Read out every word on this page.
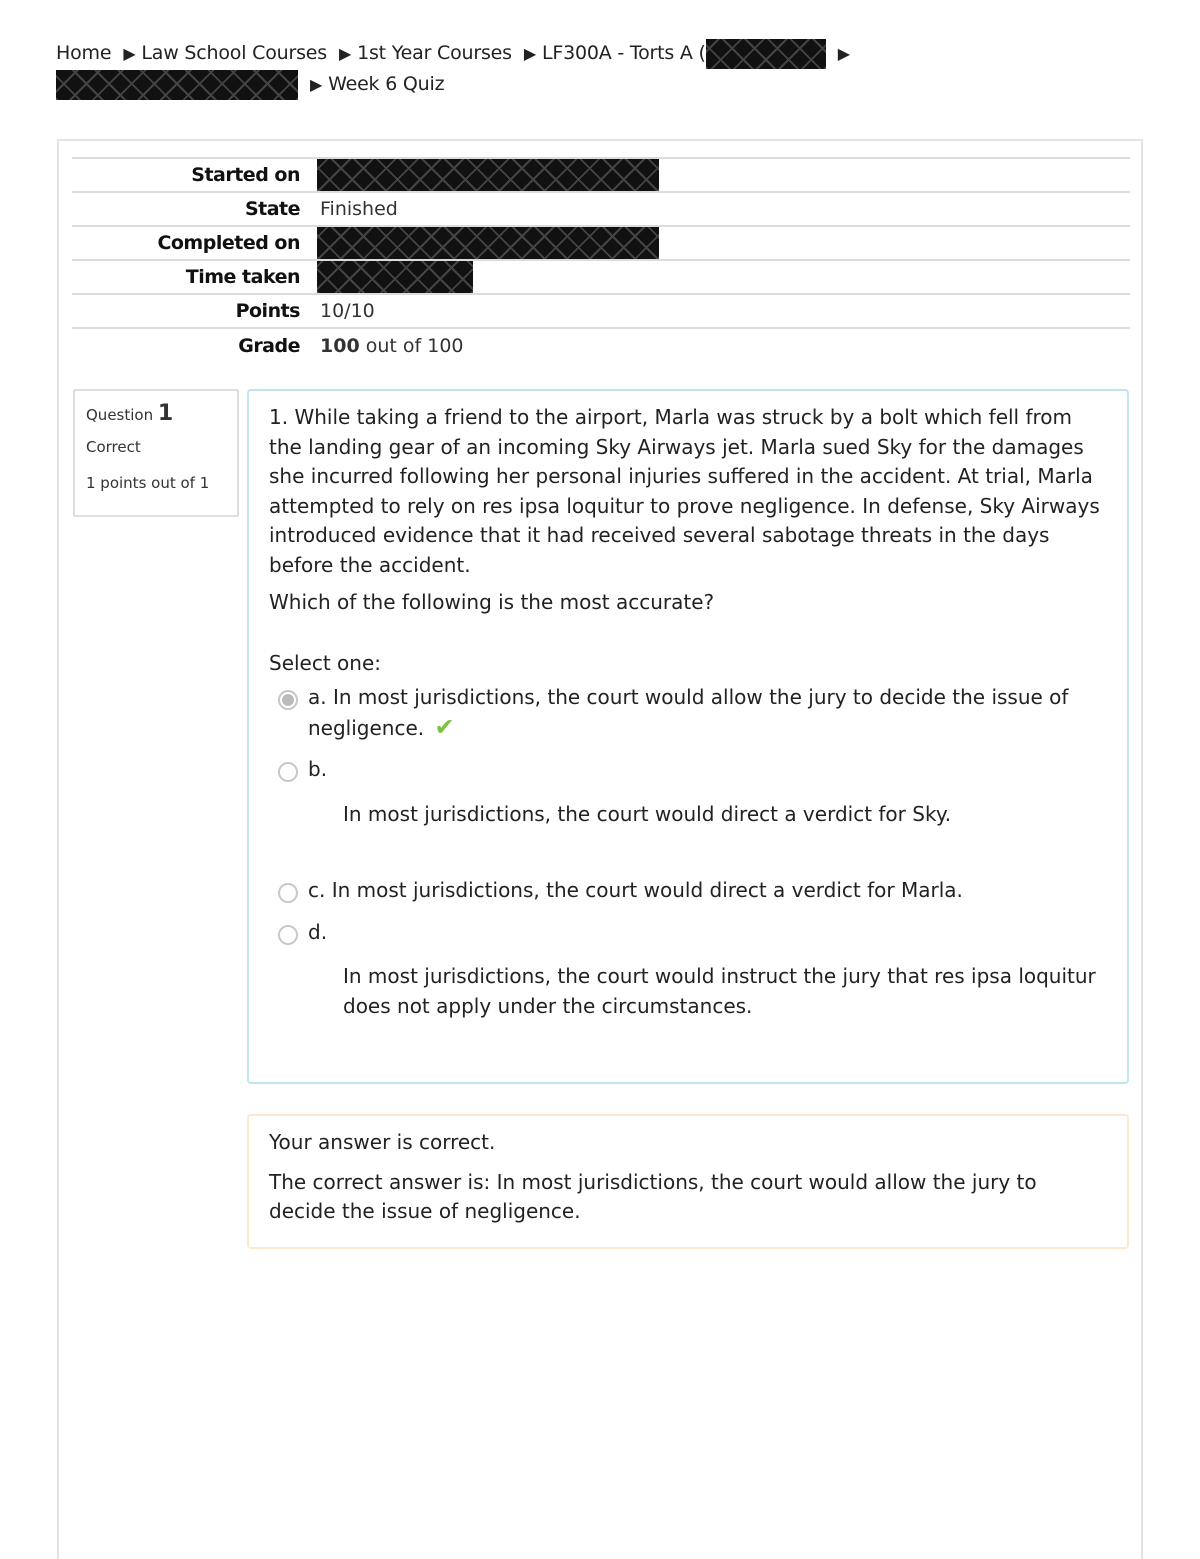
Home ▶ Law School Courses ▶ 1st Year Courses ▶ LF300A - Torts A (	▶
▶ Week 6 Quiz
Started on	
State	Finished
Completed on	
Time taken	
Points	10/10
Grade	100 out of 100
Question 1
Correct
1 points out of 1

1. While taking a friend to the airport, Marla was struck by a bolt which fell from the landing gear of an incoming Sky Airways jet. Marla sued Sky for the damages she incurred following her personal injuries suffered in the accident. At trial, Marla attempted to rely on res ipsa loquitur to prove negligence. In defense, Sky Airways introduced evidence that it had received several sabotage threats in the days before the accident.

Which of the following is the most accurate?

Select one:

a. In most jurisdictions, the court would allow the jury to decide the issue of negligence. ✔
b.
In most jurisdictions, the court would direct a verdict for Sky.
c. In most jurisdictions, the court would direct a verdict for Marla.
d.
In most jurisdictions, the court would instruct the jury that res ipsa loquitur does not apply under the circumstances.
Your answer is correct.
The correct answer is: In most jurisdictions, the court would allow the jury to decide the issue of negligence.
